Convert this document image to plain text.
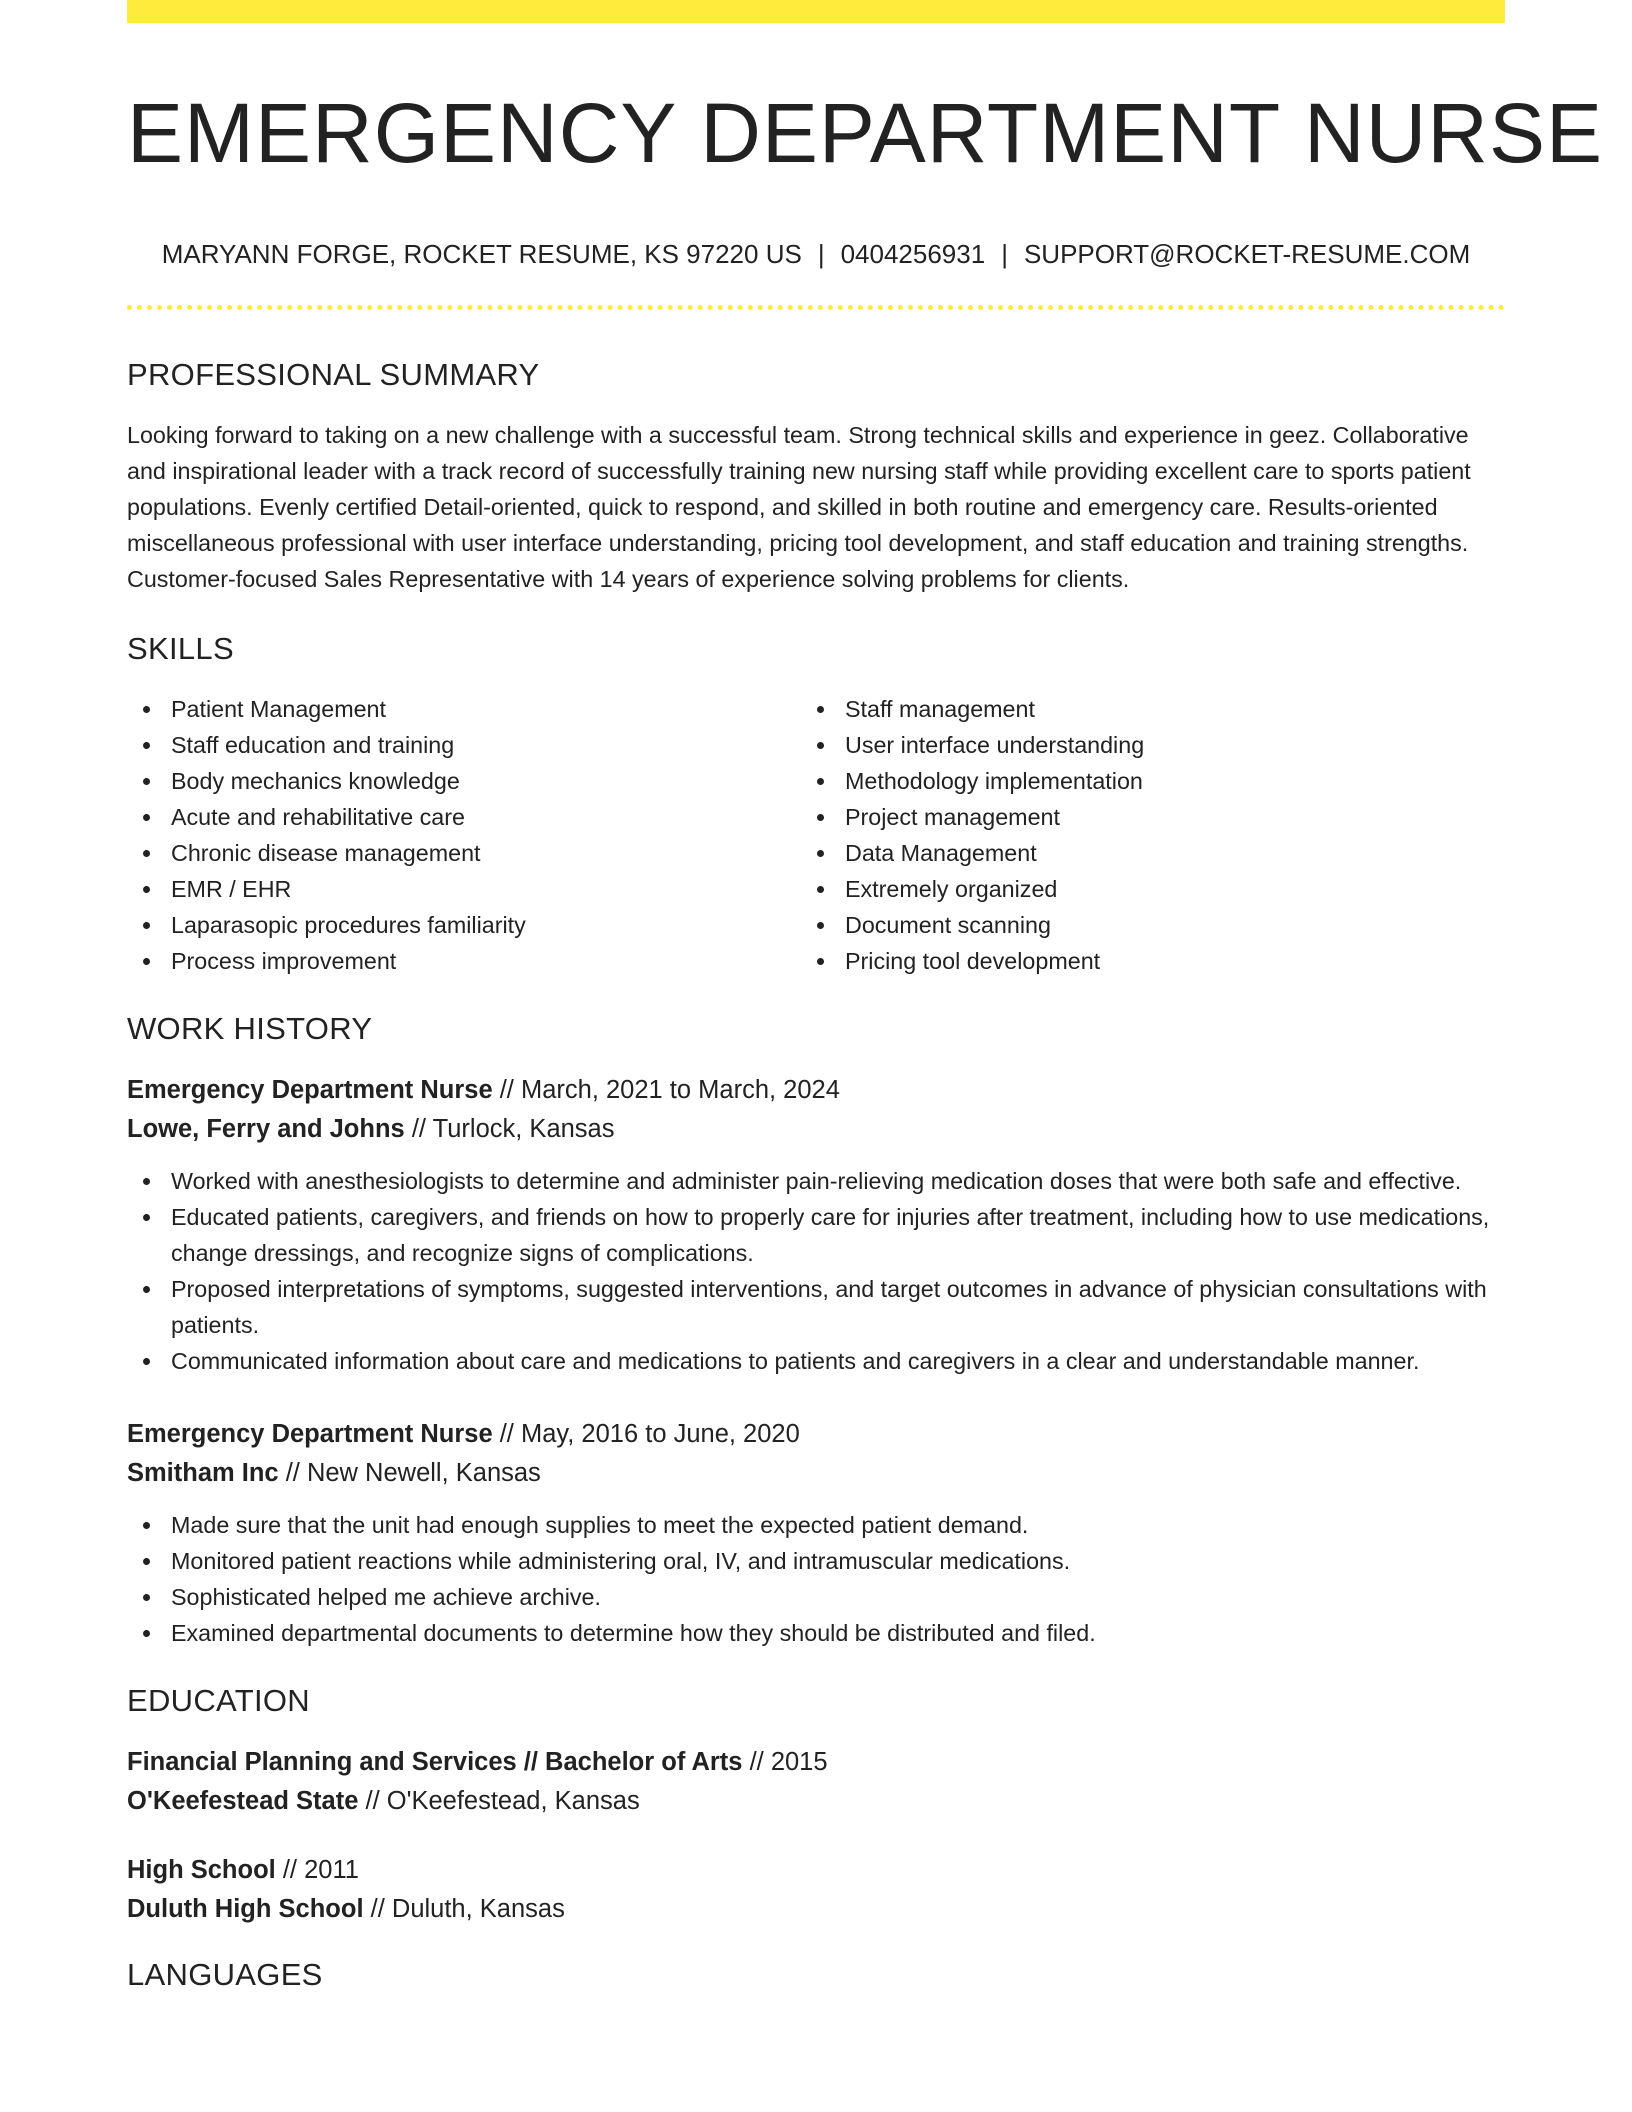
EMERGENCY DEPARTMENT NURSE
MARYANN FORGE, ROCKET RESUME, KS 97220 US | 0404256931 | SUPPORT@ROCKET-RESUME.COM
PROFESSIONAL SUMMARY

Looking forward to taking on a new challenge with a successful team. Strong technical skills and experience in geez. Collaborative and inspirational leader with a track record of successfully training new nursing staff while providing excellent care to sports patient populations. Evenly certified Detail-oriented, quick to respond, and skilled in both routine and emergency care. Results-oriented miscellaneous professional with user interface understanding, pricing tool development, and staff education and training strengths. Customer-focused Sales Representative with 14 years of experience solving problems for clients.

SKILLS
Patient Management
Staff education and training
Body mechanics knowledge
Acute and rehabilitative care
Chronic disease management
EMR / EHR
Laparasopic procedures familiarity
Process improvement
Staff management
User interface understanding
Methodology implementation
Project management
Data Management
Extremely organized
Document scanning
Pricing tool development
WORK HISTORY
Emergency Department Nurse // March, 2021 to March, 2024
Lowe, Ferry and Johns // Turlock, Kansas
Worked with anesthesiologists to determine and administer pain-relieving medication doses that were both safe and effective.
Educated patients, caregivers, and friends on how to properly care for injuries after treatment, including how to use medications, change dressings, and recognize signs of complications.
Proposed interpretations of symptoms, suggested interventions, and target outcomes in advance of physician consultations with patients.
Communicated information about care and medications to patients and caregivers in a clear and understandable manner.
Emergency Department Nurse // May, 2016 to June, 2020
Smitham Inc // New Newell, Kansas
Made sure that the unit had enough supplies to meet the expected patient demand.
Monitored patient reactions while administering oral, IV, and intramuscular medications.
Sophisticated helped me achieve archive.
Examined departmental documents to determine how they should be distributed and filed.
EDUCATION
Financial Planning and Services // Bachelor of Arts // 2015
O'Keefestead State // O'Keefestead, Kansas
High School // 2011
Duluth High School // Duluth, Kansas
LANGUAGES
